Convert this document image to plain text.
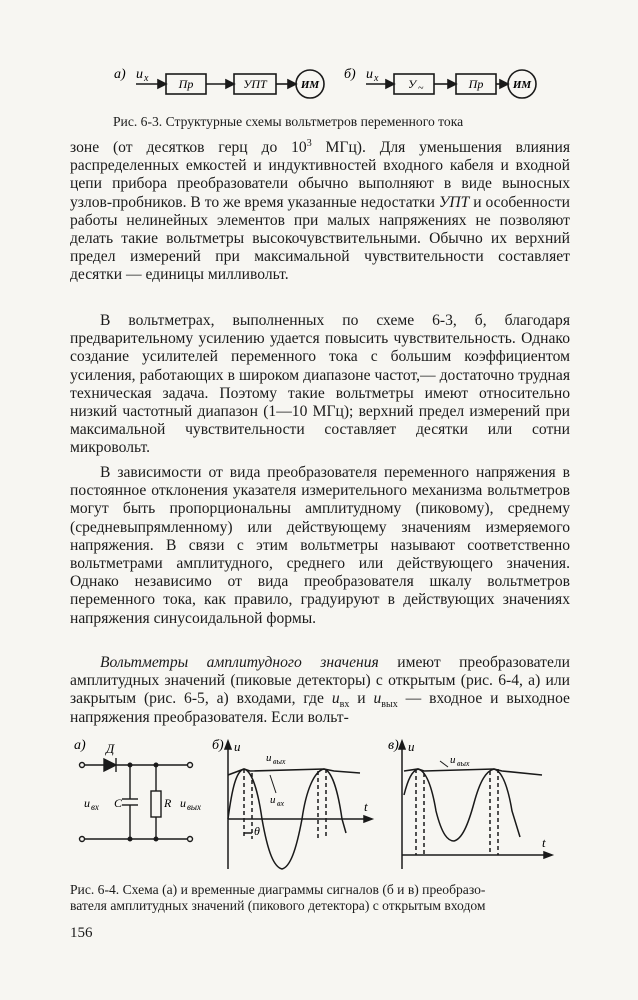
а) u x	Пр	УПТ	ИМ
б) u x У ~	Пр	ИМ
Рис. 6-3. Структурные схемы вольтметров переменного тока

зоне (от десятков герц до $10^3$ МГц). Для уменьшения влияния распределенных емкостей и индуктивностей входного кабеля и входной цепи прибора преобразователи обычно выполняют в виде выносных узлов-пробников. В то же время указанные недостатки УПТ и особенности работы нелинейных элементов при малых напряжениях не позволяют делать такие вольтметры высокочувствительными. Обычно их верхний предел измерений при максимальной чувствительности составляет десятки — единицы милливольт.

В вольтметрах, выполненных по схеме 6-3, б, благодаря предварительному усилению удается повысить чувствительность. Однако создание усилителей переменного тока с большим коэффициентом усиления, работающих в широком диапазоне частот,— достаточно трудная техническая задача. Поэтому такие вольтметры имеют относительно низкий частотный диапазон (1—10 МГц); верхний предел измерений при максимальной чувствительности составляет десятки или сотни микровольт.

В зависимости от вида преобразователя переменного напряжения в постоянное отклонения указателя измерительного механизма вольтметров могут быть пропорциональны амплитудному (пиковому), среднему (средневыпрямленному) или действующему значениям измеряемого напряжения. В связи с этим вольтметры называют соответственно вольтметрами амплитудного, среднего или действующего значения. Однако независимо от вида преобразователя шкалу вольтметров переменного тока, как правило, градуируют в действующих значениях напряжения синусоидальной формы.

Вольтметры амплитудного значения имеют преобразователи амплитудных значений (пиковые детекторы) с открытым (рис. 6-4, а) или закрытым (рис. 6-5, а) входами, где $u_{вх}$ и $u_{вых}$ — входное и выходное напряжения преобразователя. Если вольт-

а) Д
u вх C	R u вых
б) u
u вых
u вх
θ
t
в) u
u вых
t
Рис. 6-4. Схема (а) и временные диаграммы сигналов (б и в) преобразо-
вателя амплитудных значений (пикового детектора) с открытым входом
156
